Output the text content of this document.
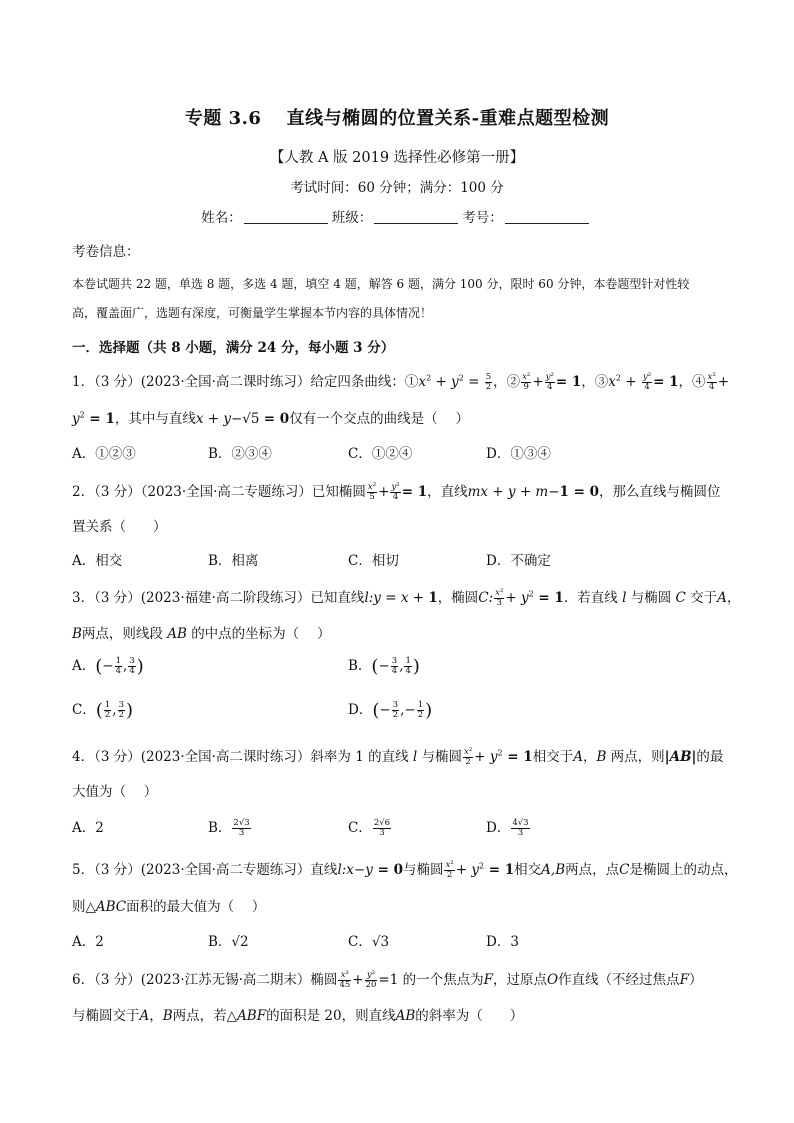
专题 3.6　 直线与椭圆的位置关系-重难点题型检测
【人教 A 版 2019 选择性必修第一册】
考试时间：60 分钟；满分：100 分
姓名：	班级：	考号：
考卷信息：
本卷试题共 22 题，单选 8 题，多选 4 题，填空 4 题，解答 6 题，满分 100 分，限时 60 分钟，本卷题型针对性较
高，覆盖面广，选题有深度，可衡量学生掌握本节内容的具体情况！
一．选择题（共 8 小题，满分 24 分，每小题 3 分）
1．（3 分）(2023·全国·高二课时练习）给定四条曲线：$①x^2 + y^2 = \frac{5}{2}$ ，② $\frac{\text{x²}}{9} + \frac{\text{y²}}{4} = 1$，$③x^2 + \frac{\text{y²}}{4} = 1$，④ $\frac{\text{x²}}{4}$ +
$y^2 = 1$，其中与直线x + y−√5 = 0仅有一个交点的曲线是（　 ）
A．①②③	B．②③④	C．①②④	D．①③④
2．（3 分）（2023·全国·高二专题练习）已知椭圆 $\frac{\text{x²}}{5} + \frac{\text{y²}}{4} = 1$，直线mx + y + m−1 = 0，那么直线与椭圆位
置关系（　　）
A．相交	B．相离	C．相切	D．不确定
3．（3 分）(2023·福建·高二阶段练习）已知直线l:y = x + 1，椭圆C: $\frac{\text{x²}}{3} + y^2 = 1$．若直线 l 与椭圆 C 交于A，
B两点，则线段 AB 的中点的坐标为（　 ）
A．(− $\frac{1}{4}$ , $\frac{3}{4}$ )	B．(− $\frac{3}{4}$ , $\frac{1}{4}$ )
C．( $\frac{1}{2}$ , $\frac{3}{2}$ )	D．(− $\frac{3}{2}$ ,− $\frac{1}{2}$ )
4．（3 分）(2023·全国·高二课时练习）斜率为 1 的直线 l 与椭圆 $\frac{\text{x²}}{2} + y^2 = 1$相交于A，B 两点，则|AB|的最
大值为（　 ）
A．2	B． $\frac{2√3}{3}$	C． $\frac{2√6}{3}$	D． $\frac{4√3}{3}$
5．（3 分）(2023·全国·高二专题练习）直线l:x−y = 0与椭圆 $\frac{\text{x²}}{2} + y^2 = 1$相交A,B两点，点C是椭圆上的动点，
则△ABC面积的最大值为（　 ）
A．2	B．√2	C．√3	D．3
6．（3 分）(2023·江苏无锡·高二期末）椭圆 $\frac{\text{x²}}{45} + \frac{\text{y²}}{20} =1$ 的一个焦点为F，过原点O作直线（不经过焦点F）
与椭圆交于A，B两点，若△ABF的面积是 20，则直线AB的斜率为（　　）
